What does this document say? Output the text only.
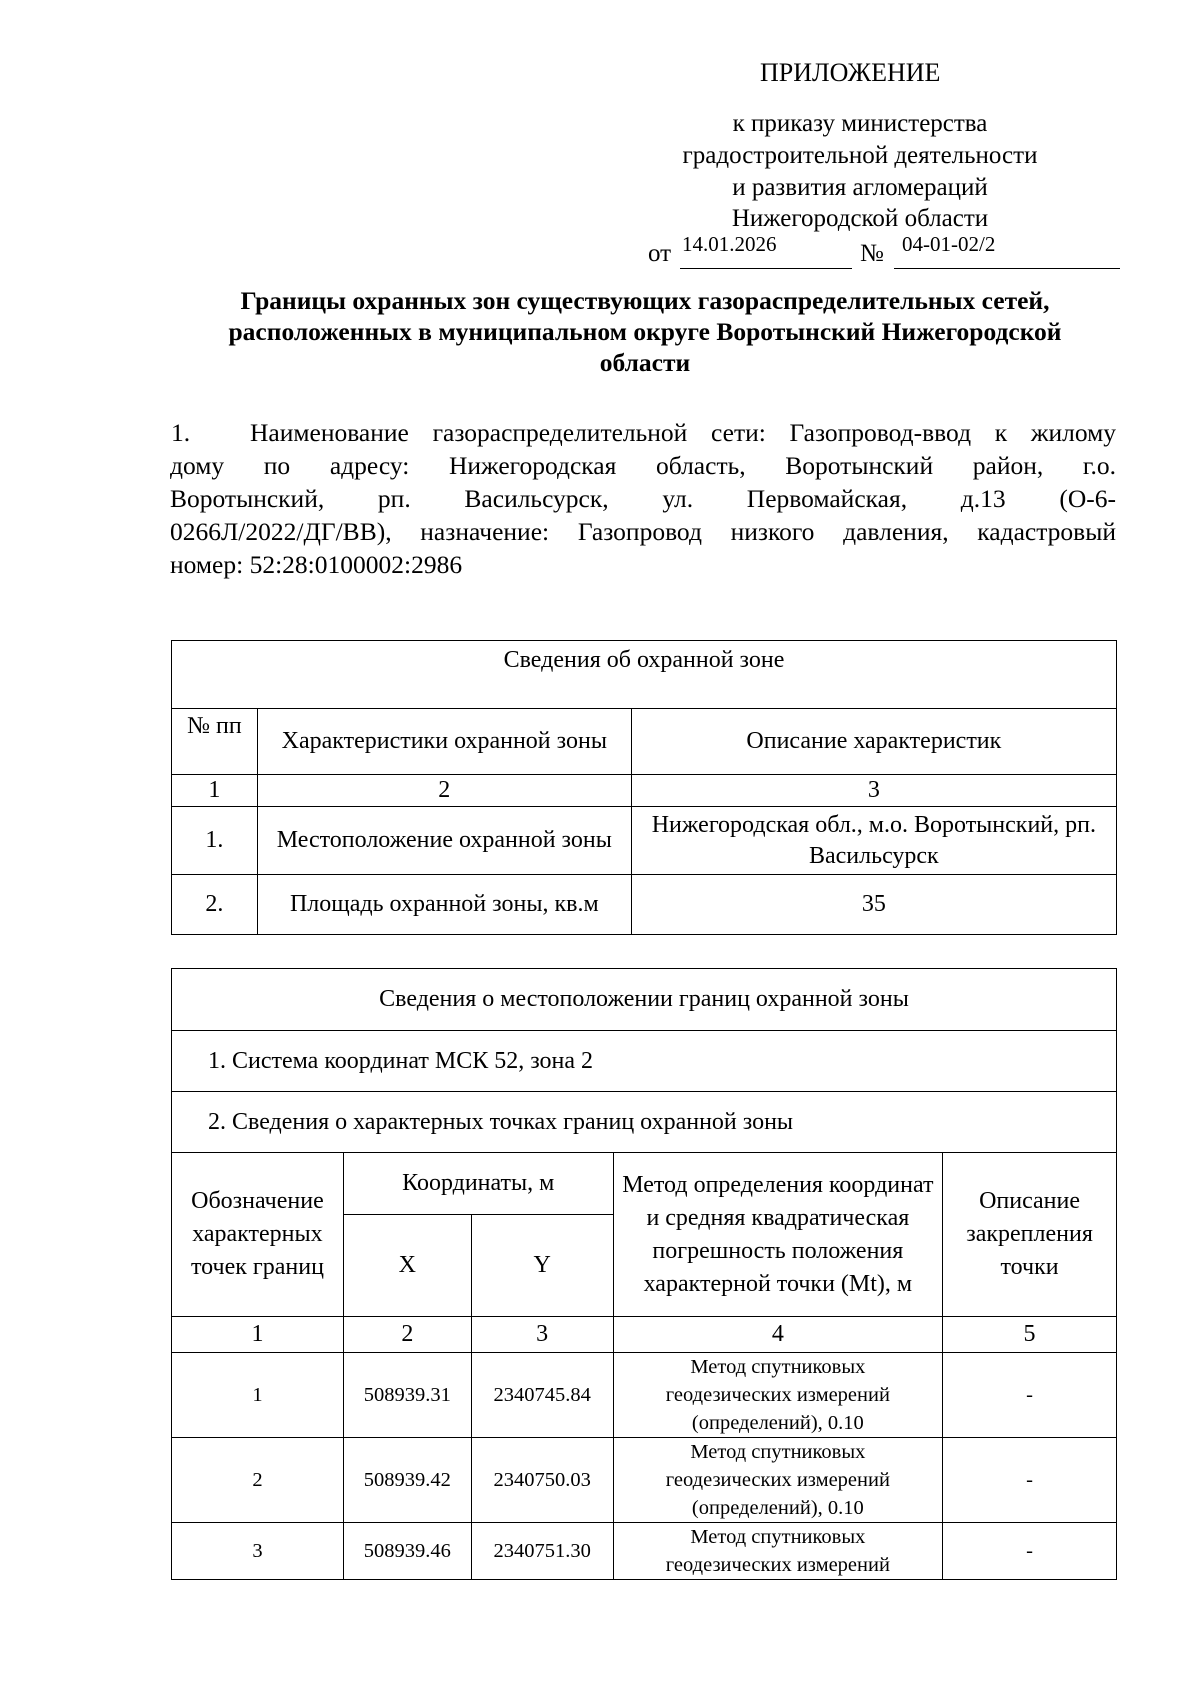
ПРИЛОЖЕНИЕ
к приказу министерства
градостроительной деятельности
и развития агломераций
Нижегородской области
от 14.01.2026	№ 04-01-02/2
Границы охранных зон существующих газораспределительных сетей,
расположенных в муниципальном округе Воротынский Нижегородской
области
1. Наименование газораспределительной сети: Газопровод-ввод к жилому
дому по адресу: Нижегородская область, Воротынский район, г.о.
Воротынский, рп. Васильсурск, ул. Первомайская, д.13 (О-6-
0266Л/2022/ДГ/ВВ), назначение: Газопровод низкого давления, кадастровый
номер: 52:28:0100002:2986
Сведения об охранной зоне		
№ пп	Характеристики охранной зоны	Описание характеристик
1	2	3
1.	Местоположение охранной зоны	Нижегородская обл., м.о. Воротынский, рп. Васильсурск
2.	Площадь охранной зоны, кв.м	35
Сведения о местоположении границ охранной зоны				
1. Система координат МСК 52, зона 2				
2. Сведения о характерных точках границ охранной зоны				
Обозначение характерных точек границ	Координаты, м		Метод определения координат и средняя квадратическая погрешность положения характерной точки (Mt), м	Описание закрепления точки
	X	Y		
1	2	3	4	5
1	508939.31	2340745.84	Метод спутниковых геодезических измерений (определений), 0.10	-
2	508939.42	2340750.03	Метод спутниковых геодезических измерений (определений), 0.10	-
3	508939.46	2340751.30	Метод спутниковых геодезических измерений	-
